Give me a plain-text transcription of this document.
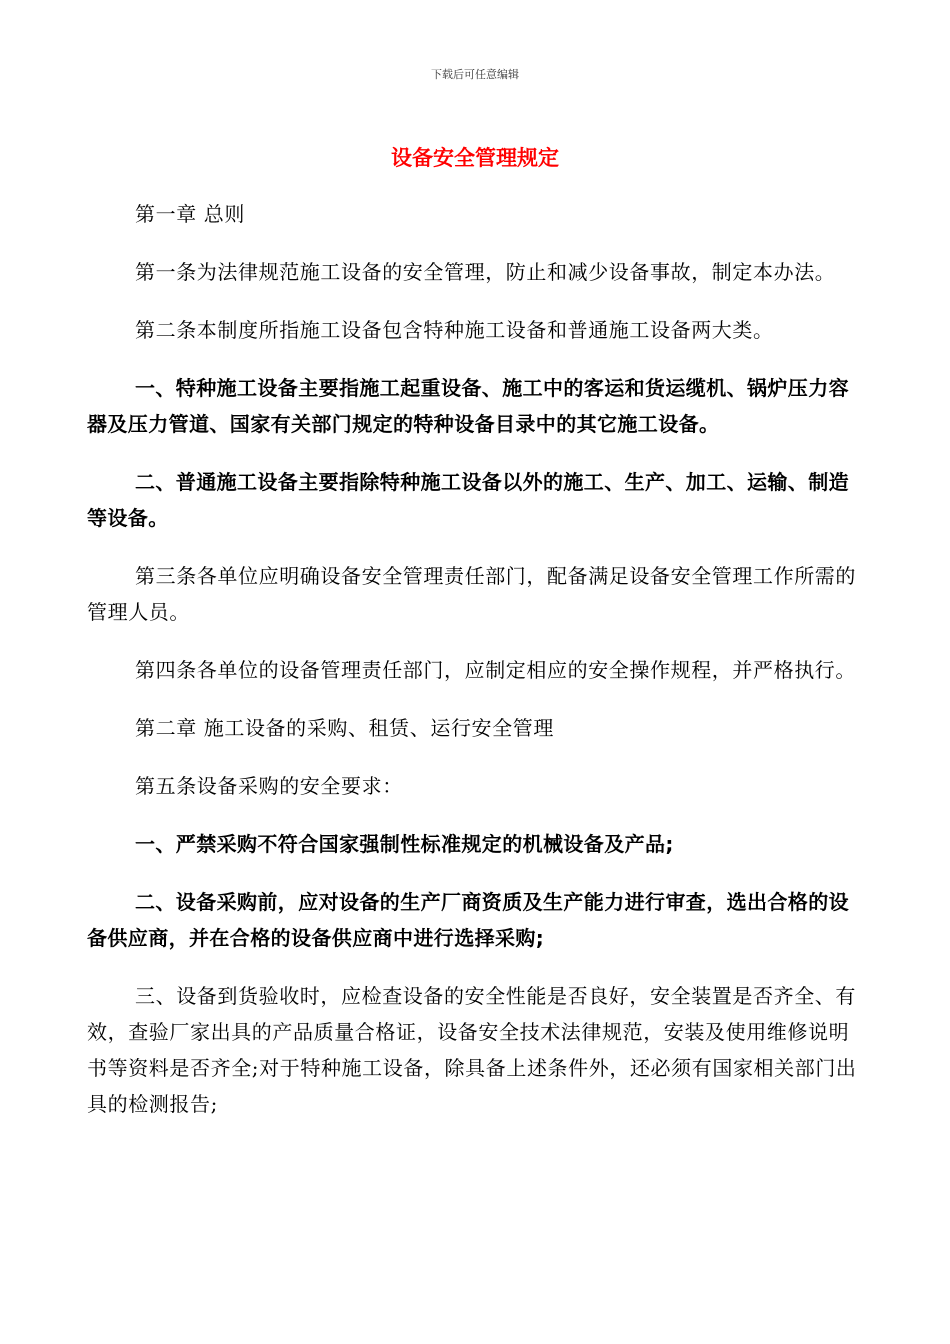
下载后可任意编辑
设备安全管理规定

第一章 总则

第一条为法律规范施工设备的安全管理，防止和减少设备事故，制定本办法。

第二条本制度所指施工设备包含特种施工设备和普通施工设备两大类。

一、特种施工设备主要指施工起重设备、施工中的客运和货运缆机、锅炉压力容器及压力管道、国家有关部门规定的特种设备目录中的其它施工设备。

二、普通施工设备主要指除特种施工设备以外的施工、生产、加工、运输、制造等设备。

第三条各单位应明确设备安全管理责任部门，配备满足设备安全管理工作所需的管理人员。

第四条各单位的设备管理责任部门，应制定相应的安全操作规程，并严格执行。

第二章 施工设备的采购、租赁、运行安全管理

第五条设备采购的安全要求：

一、严禁采购不符合国家强制性标准规定的机械设备及产品;

二、设备采购前，应对设备的生产厂商资质及生产能力进行审查，选出合格的设备供应商，并在合格的设备供应商中进行选择采购;

三、设备到货验收时，应检查设备的安全性能是否良好，安全装置是否齐全、有效，查验厂家出具的产品质量合格证，设备安全技术法律规范，安装及使用维修说明书等资料是否齐全;对于特种施工设备，除具备上述条件外，还必须有国家相关部门出具的检测报告;
